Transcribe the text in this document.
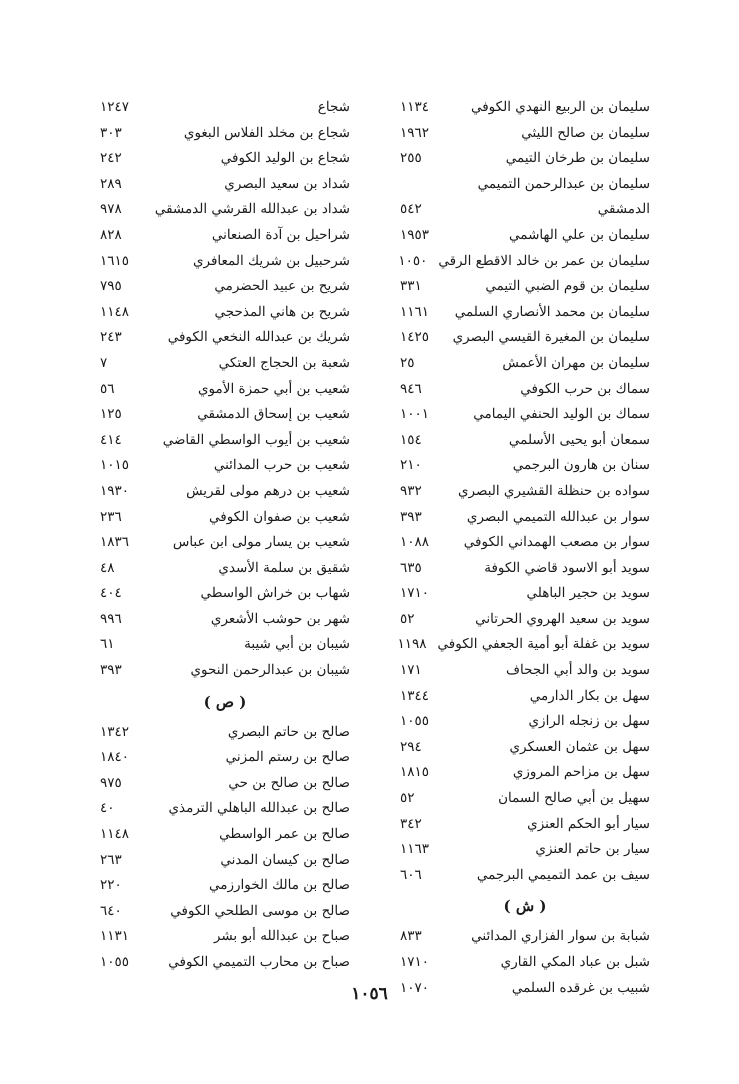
سليمان بن الربيع النهدي الكوفي
١١٣٤
سليمان بن صالح الليثي
١٩٦٢
سليمان بن طرخان التيمي
٢٥٥
سليمان بن عبدالرحمن التميمي
الدمشقي
٥٤٢
سليمان بن علي الهاشمي
١٩٥٣
سليمان بن عمر بن خالد الاقطع الرقي
١٠٥٠
سليمان بن قوم الضبي التيمي
٣٣١
سليمان بن محمد الأنصاري السلمي
١١٦١
سليمان بن المغيرة القيسي البصري
١٤٢٥
سليمان بن مهران الأعمش
٢٥
سماك بن حرب الكوفي
٩٤٦
سماك بن الوليد الحنفي اليمامي
١٠٠١
سمعان أبو يحيى الأسلمي
١٥٤
سنان بن هارون البرجمي
٢١٠
سواده بن حنظلة القشيري البصري
٩٣٢
سوار بن عبدالله التميمي البصري
٣٩٣
سوار بن مصعب الهمداني الكوفي
١٠٨٨
سويد أبو الاسود قاضي الكوفة
٦٣٥
سويد بن حجير الباهلي
١٧١٠
سويد بن سعيد الهروي الحرتاني
٥٢
سويد بن غفلة أبو أمية الجعفي الكوفي
١١٩٨
سويد بن والد أبي الجحاف
١٧١
سهل بن بكار الدارمي
١٣٤٤
سهل بن زنجله الرازي
١٠٥٥
سهل بن عثمان العسكري
٢٩٤
سهل بن مزاحم المروزي
١٨١٥
سهيل بن أبي صالح السمان
٥٢
سيار أبو الحكم العنزي
٣٤٢
سيار بن حاتم العنزي
١١٦٣
سيف بن عمد التميمي البرجمي
٦٠٦
( ش )
شبابة بن سوار الفزاري المدائني
٨٣٣
شبل بن عباد المكي القاري
١٧١٠
شبيب بن غرقده السلمي
١٠٧٠
شجاع
١٢٤٧
شجاع بن مخلد الفلاس البغوي
٣٠٣
شجاع بن الوليد الكوفي
٢٤٢
شداد بن سعيد البصري
٢٨٩
شداد بن عبدالله القرشي الدمشقي
٩٧٨
شراحيل بن آدة الصنعاني
٨٢٨
شرحبيل بن شريك المعافري
١٦١٥
شريح بن عبيد الحضرمي
٧٩٥
شريح بن هاني المذحجي
١١٤٨
شريك بن عبدالله النخعي الكوفي
٢٤٣
شعبة بن الحجاج العتكي
٧
شعيب بن أبي حمزة الأموي
٥٦
شعيب بن إسحاق الدمشقي
١٢٥
شعيب بن أيوب الواسطي القاضي
٤١٤
شعيب بن حرب المدائني
١٠١٥
شعيب بن درهم مولى لقريش
١٩٣٠
شعيب بن صفوان الكوفي
٢٣٦
شعيب بن يسار مولى ابن عباس
١٨٣٦
شقيق بن سلمة الأسدي
٤٨
شهاب بن خراش الواسطي
٤٠٤
شهر بن حوشب الأشعري
٩٩٦
شيبان بن أبي شيبة
٦١
شيبان بن عبدالرحمن النحوي
٣٩٣
( ص )
صالح بن حاتم البصري
١٣٤٢
صالح بن رستم المزني
١٨٤٠
صالح بن صالح بن حي
٩٧٥
صالح بن عبدالله الباهلي الترمذي
٤٠
صالح بن عمر الواسطي
١١٤٨
صالح بن كيسان المدني
٢٦٣
صالح بن مالك الخوارزمي
٢٢٠
صالح بن موسى الطلحي الكوفي
٦٤٠
صباح بن عبدالله أبو بشر
١١٣١
صباح بن محارب التميمي الكوفي
١٠٥٥
١٠٥٦
